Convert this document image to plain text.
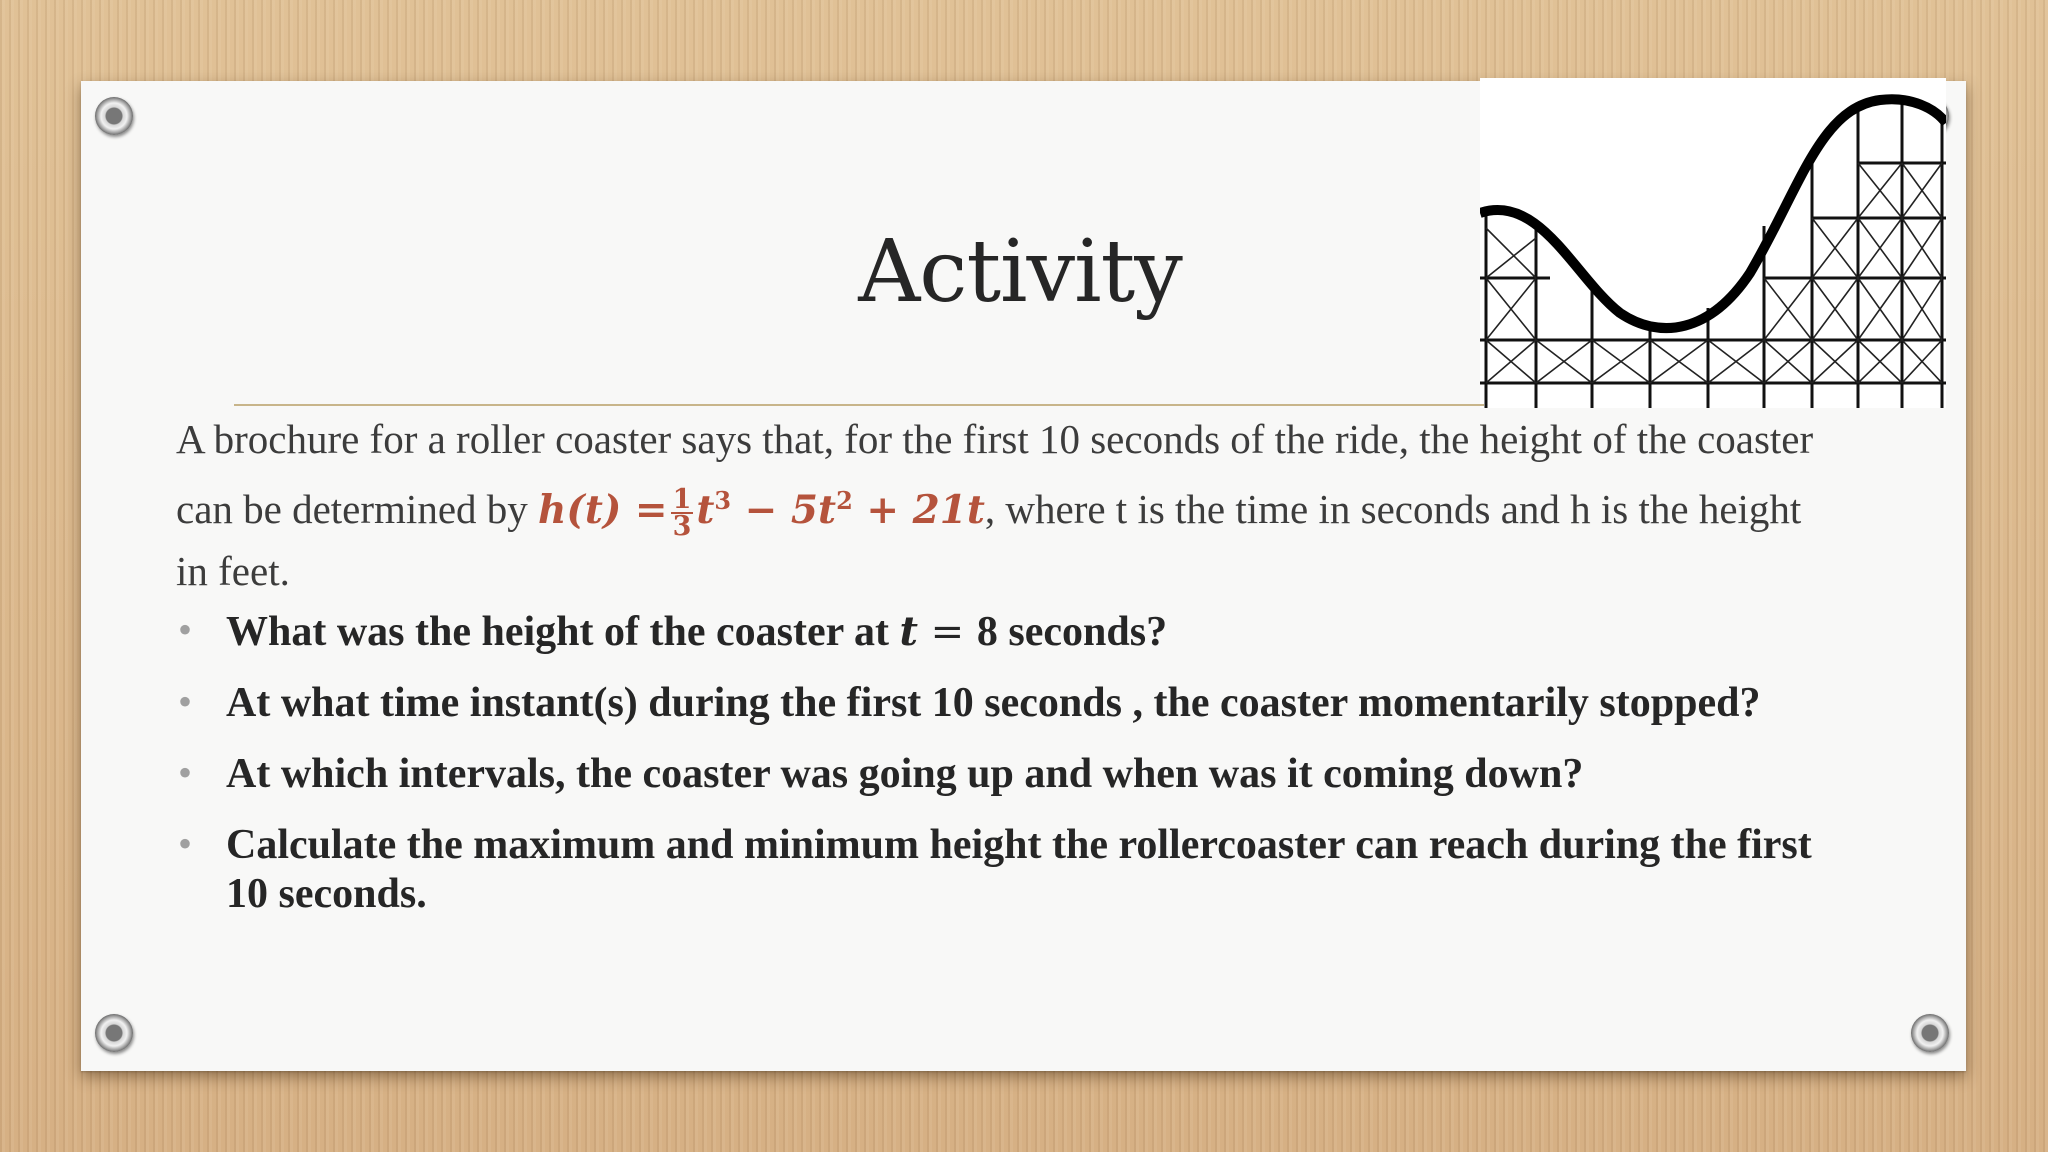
Activity
A brochure for a roller coaster says that, for the first 10 seconds of the ride, the height of the coaster can be determined by $h(t) = \frac{1}{3} t^3 - 5t^2 + 21t$, where t is the time in seconds and h is the height in feet.
• What was the height of the coaster at t = 8 seconds?
• At what time instant(s) during the first 10 seconds , the coaster momentarily stopped?
• At which intervals, the coaster was going up and when was it coming down?
• Calculate the maximum and minimum height the rollercoaster can reach during the first 10 seconds.
